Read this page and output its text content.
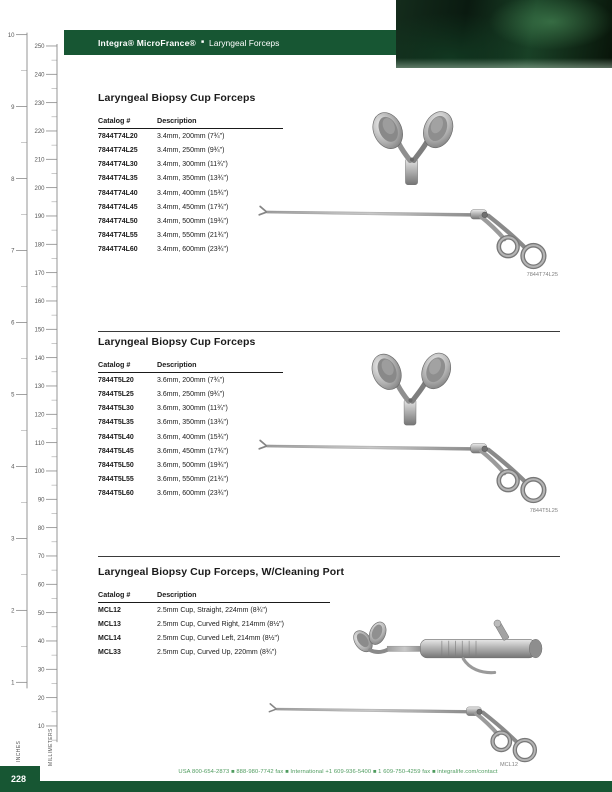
250
240
230
220
210
200
190
180
170
160
150
140
130
120
110
100
90
80
70
60
50
40
30
20
10
10
9
8
7
6
5
4
3
2
1
INCHES	MILLIMETERS
Integra® MicroFrance® ■ Laryngeal Forceps
Laryngeal Biopsy Cup Forceps
Catalog #	Description
7844T74L20	3.4mm, 200mm (7¾")
7844T74L25	3.4mm, 250mm (9¾")
7844T74L30	3.4mm, 300mm (11¾")
7844T74L35	3.4mm, 350mm (13¾")
7844T74L40	3.4mm, 400mm (15¾")
7844T74L45	3.4mm, 450mm (17¾")
7844T74L50	3.4mm, 500mm (19¾")
7844T74L55	3.4mm, 550mm (21¾")
7844T74L60	3.4mm, 600mm (23¾")
7844T74L25
Laryngeal Biopsy Cup Forceps
Catalog #	Description
7844T5L20	3.6mm, 200mm (7¾")
7844T5L25	3.6mm, 250mm (9¾")
7844T5L30	3.6mm, 300mm (11¾")
7844T5L35	3.6mm, 350mm (13¾")
7844T5L40	3.6mm, 400mm (15¾")
7844T5L45	3.6mm, 450mm (17¾")
7844T5L50	3.6mm, 500mm (19¾")
7844T5L55	3.6mm, 550mm (21¾")
7844T5L60	3.6mm, 600mm (23¾")
7844T5L25
Laryngeal Biopsy Cup Forceps, W/Cleaning Port
Catalog #	Description
MCL12	2.5mm Cup, Straight, 224mm (8¾")
MCL13	2.5mm Cup, Curved Right, 214mm (8½")
MCL14	2.5mm Cup, Curved Left, 214mm (8½")
MCL33	2.5mm Cup, Curved Up, 220mm (8¾")
MCL12
USA 800-654-2873 ■ 888-980-7742 fax ■ International +1 609-936-5400 ■ 1 609-750-4259 fax ■ integralife.com/contact
228
